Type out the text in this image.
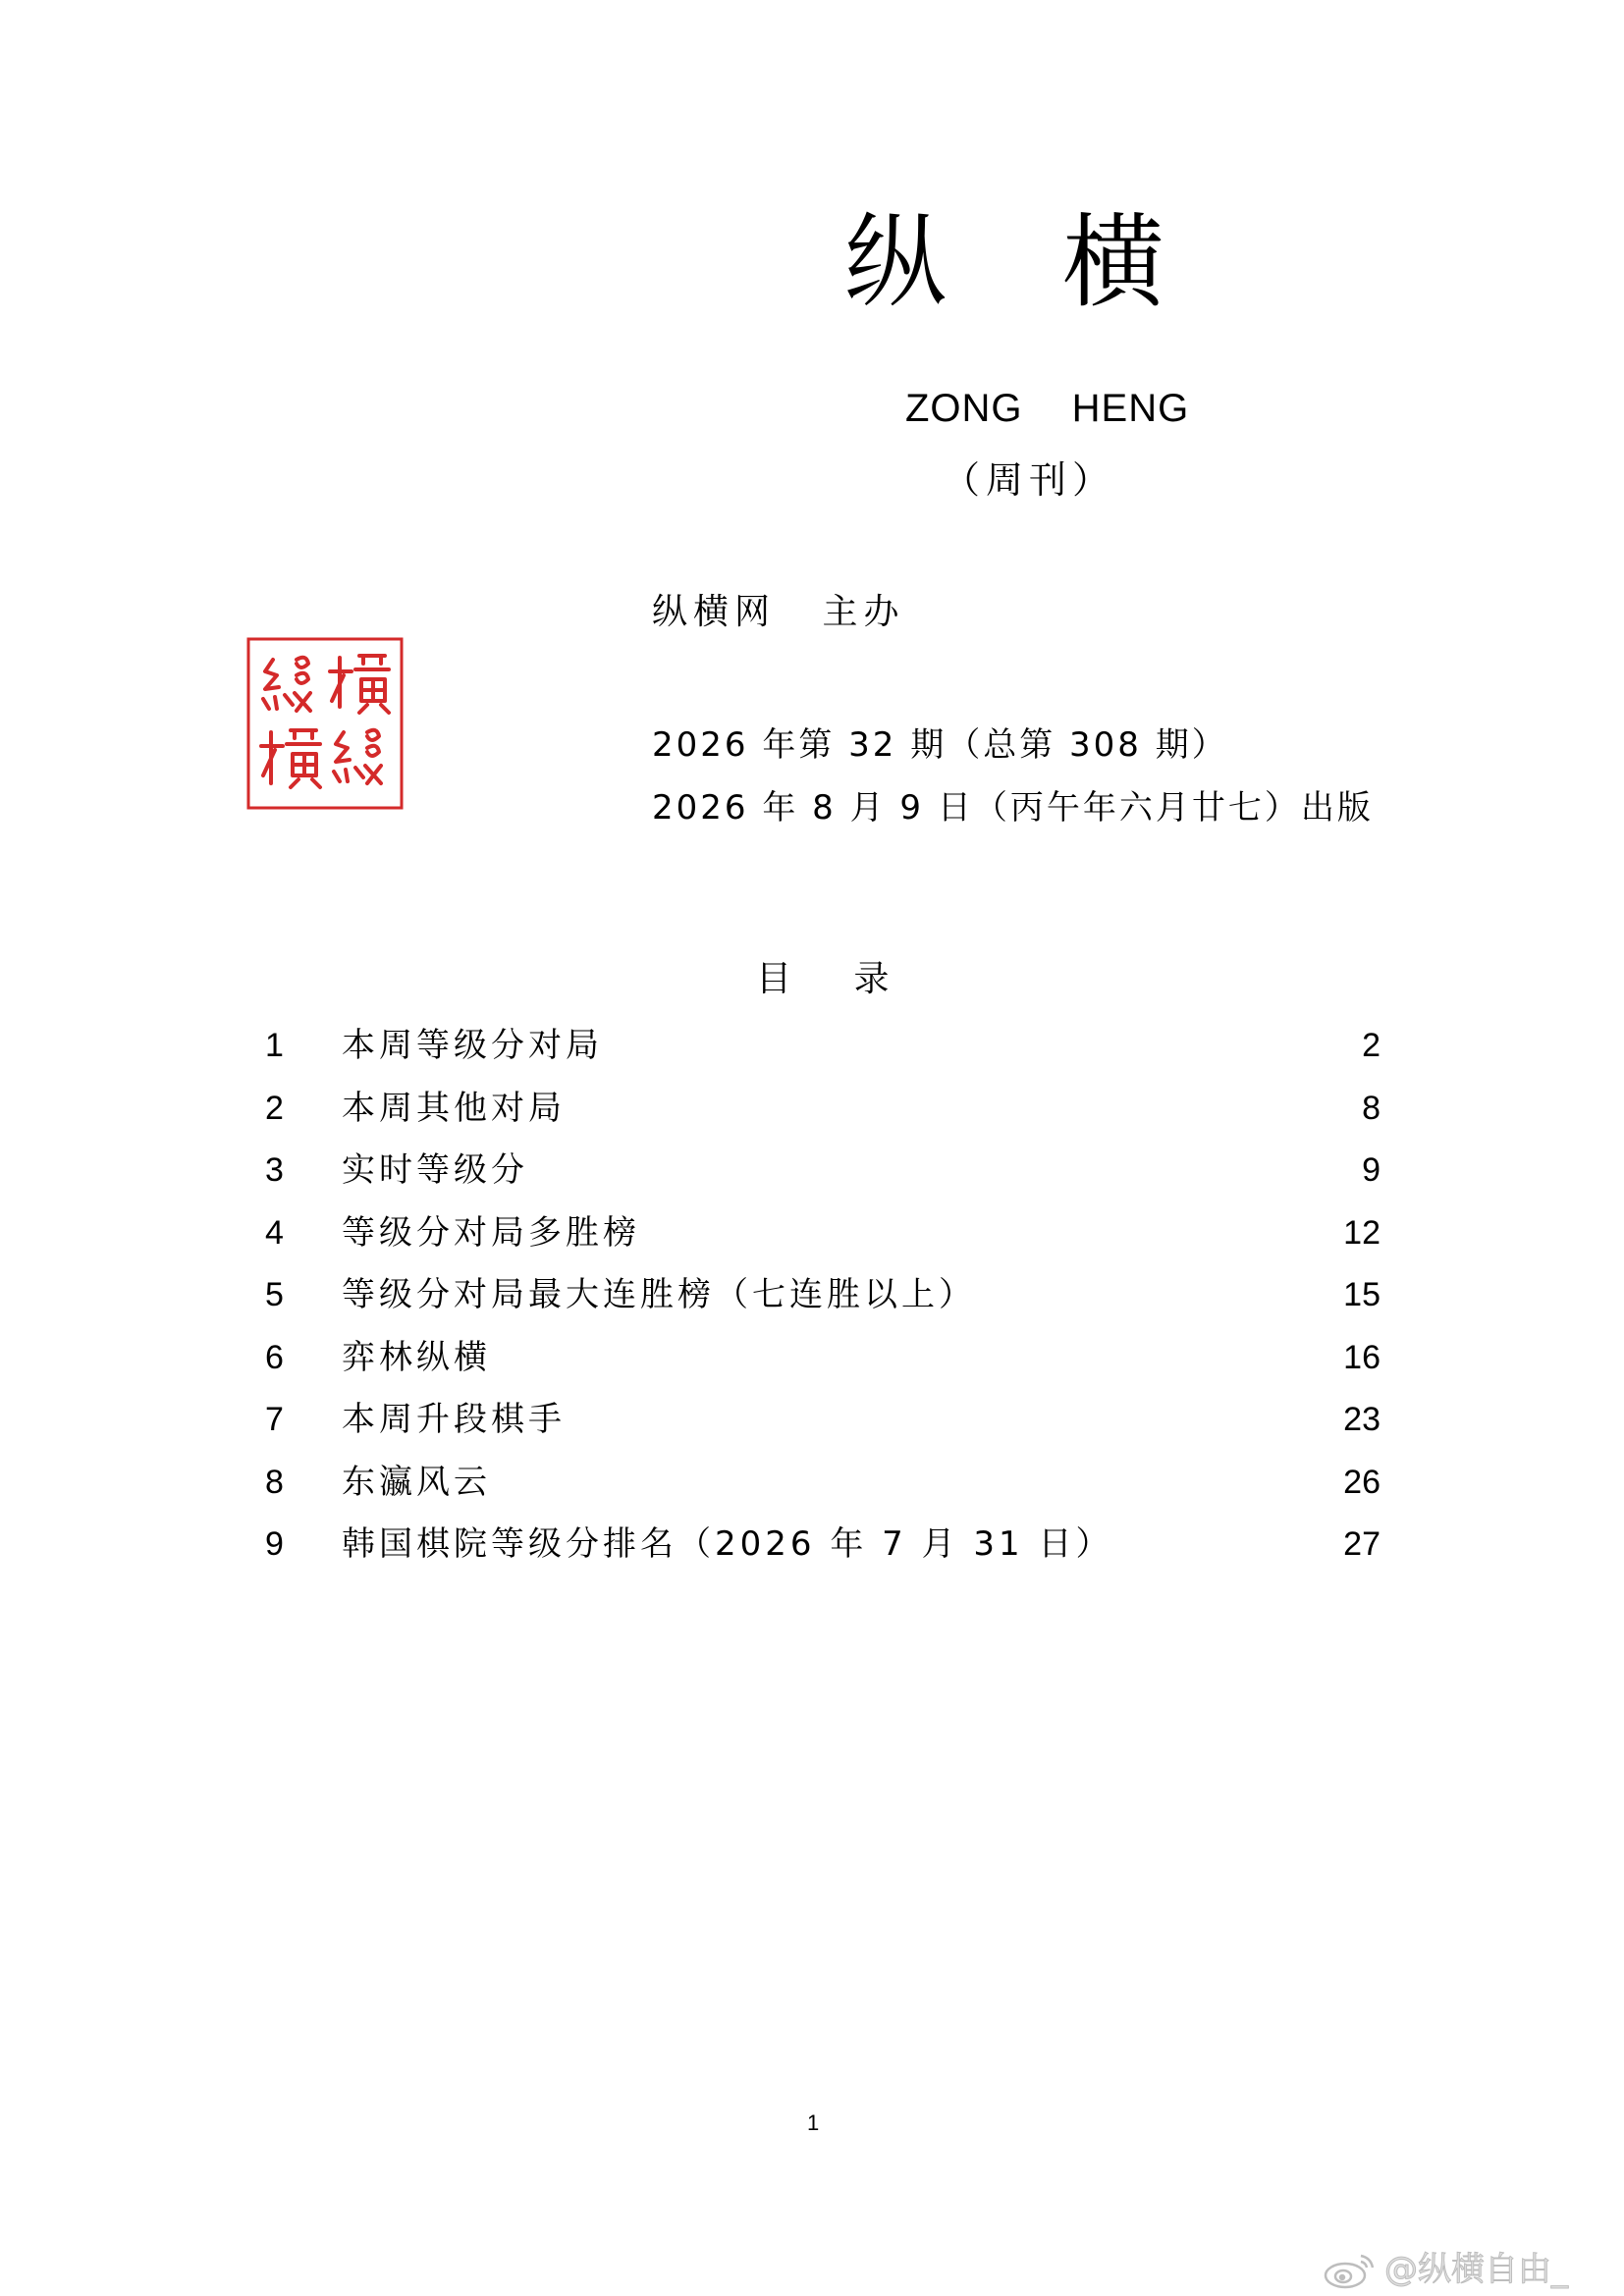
纵横
ZONG HENG
（周刊）
纵横网 主办
2026 年第 32 期（总第 308 期）
2026 年 8 月 9 日（丙午年六月廿七）出版
目 录
1 本周等级分对局	2
2 本周其他对局	8
3 实时等级分	9
4 等级分对局多胜榜	12
5 等级分对局最大连胜榜（七连胜以上）	15
6 弈林纵横	16
7 本周升段棋手	23
8 东瀛风云	26
9 韩国棋院等级分排名（2026 年 7 月 31 日）	27
1
@纵横自由_
